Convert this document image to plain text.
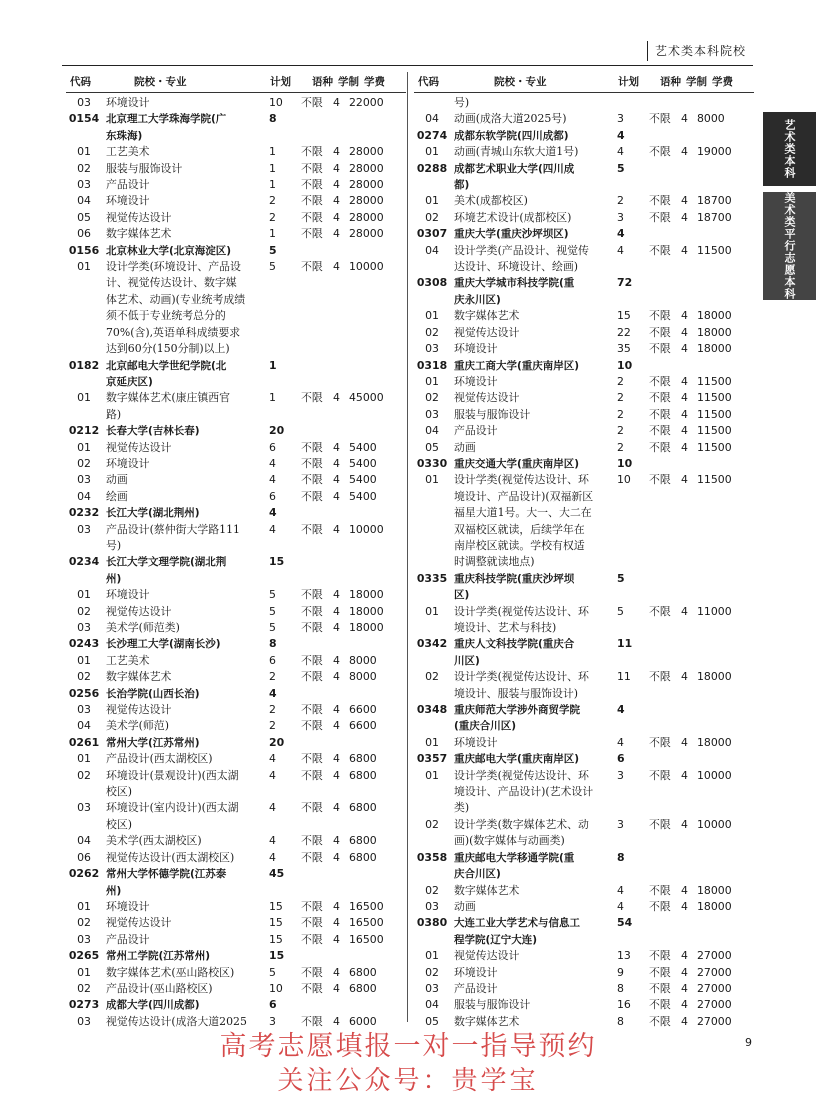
艺术类本科院校
代码	院校・专业	计划 语种 学制 学费
03	环境设计	10	不限 4 22000
0154 北京理工大学珠海学院(广	8
东珠海)
01	工艺美术	1	不限 4 28000
02	服装与服饰设计	1	不限 4 28000
03	产品设计	1	不限 4 28000
04	环境设计	2	不限 4 28000
05	视觉传达设计	2	不限 4 28000
06	数字媒体艺术	1	不限 4 28000
0156 北京林业大学(北京海淀区)	5
01	设计学类(环境设计、产品设	5	不限 4 10000
计、视觉传达设计、数字媒
体艺术、动画)(专业统考成绩
须不低于专业统考总分的
70%(含),英语单科成绩要求
达到60分(150分制)以上)
0182 北京邮电大学世纪学院(北	1
京延庆区)
01	数字媒体艺术(康庄镇西官	1	不限 4 45000
路)
0212 长春大学(吉林长春)	20
01	视觉传达设计	6	不限 4 5400
02	环境设计	4	不限 4 5400
03	动画	4	不限 4 5400
04	绘画	6	不限 4 5400
0232 长江大学(湖北荆州)	4
03	产品设计(蔡仲街大学路111	4	不限 4 10000
号)
0234 长江大学文理学院(湖北荆	15
州)
01	环境设计	5	不限 4 18000
02	视觉传达设计	5	不限 4 18000
03	美术学(师范类)	5	不限 4 18000
0243 长沙理工大学(湖南长沙)	8
01	工艺美术	6	不限 4 8000
02	数字媒体艺术	2	不限 4 8000
0256 长治学院(山西长治)	4
03	视觉传达设计	2	不限 4 6600
04	美术学(师范)	2	不限 4 6600
0261 常州大学(江苏常州)	20
01	产品设计(西太湖校区)	4	不限 4 6800
02	环境设计(景观设计)(西太湖	4	不限 4 6800
校区)
03	环境设计(室内设计)(西太湖	4	不限 4 6800
校区)
04	美术学(西太湖校区)	4	不限 4 6800
06	视觉传达设计(西太湖校区)	4	不限 4 6800
0262 常州大学怀德学院(江苏泰	45
州)
01	环境设计	15	不限 4 16500
02	视觉传达设计	15	不限 4 16500
03	产品设计	15	不限 4 16500
0265 常州工学院(江苏常州)	15
01	数字媒体艺术(巫山路校区)	5	不限 4 6800
02	产品设计(巫山路校区)	10	不限 4 6800
0273 成都大学(四川成都)	6
03	视觉传达设计(成洛大道2025	3	不限 4 6000
代码	院校・专业	计划 语种 学制 学费
号)
04	动画(成洛大道2025号)	3	不限 4 8000
0274 成都东软学院(四川成都)	4
01	动画(青城山东软大道1号)	4	不限 4 19000
0288 成都艺术职业大学(四川成	5
都)
01	美术(成都校区)	2	不限 4 18700
02	环境艺术设计(成都校区)	3	不限 4 18700
0307 重庆大学(重庆沙坪坝区)	4
04	设计学类(产品设计、视觉传	4	不限 4 11500
达设计、环境设计、绘画)
0308 重庆大学城市科技学院(重	72
庆永川区)
01	数字媒体艺术	15	不限 4 18000
02	视觉传达设计	22	不限 4 18000
03	环境设计	35	不限 4 18000
0318 重庆工商大学(重庆南岸区)	10
01	环境设计	2	不限 4 11500
02	视觉传达设计	2	不限 4 11500
03	服装与服饰设计	2	不限 4 11500
04	产品设计	2	不限 4 11500
05	动画	2	不限 4 11500
0330 重庆交通大学(重庆南岸区)	10
01	设计学类(视觉传达设计、环	10	不限 4 11500
境设计、产品设计)(双福新区
福星大道1号。大一、大二在
双福校区就读，后续学年在
南岸校区就读。学校有权适
时调整就读地点)
0335 重庆科技学院(重庆沙坪坝	5
区)
01	设计学类(视觉传达设计、环	5	不限 4 11000
境设计、艺术与科技)
0342 重庆人文科技学院(重庆合	11
川区)
02	设计学类(视觉传达设计、环	11	不限 4 18000
境设计、服装与服饰设计)
0348 重庆师范大学涉外商贸学院	4
(重庆合川区)
01	环境设计	4	不限 4 18000
0357 重庆邮电大学(重庆南岸区)	6
01	设计学类(视觉传达设计、环	3	不限 4 10000
境设计、产品设计)(艺术设计
类)
02	设计学类(数字媒体艺术、动	3	不限 4 10000
画)(数字媒体与动画类)
0358 重庆邮电大学移通学院(重	8
庆合川区)
02	数字媒体艺术	4	不限 4 18000
03	动画	4	不限 4 18000
0380 大连工业大学艺术与信息工	54
程学院(辽宁大连)
01	视觉传达设计	13	不限 4 27000
02	环境设计	9	不限 4 27000
03	产品设计	8	不限 4 27000
04	服装与服饰设计	16	不限 4 27000
05	数字媒体艺术	8	不限 4 27000
艺术类本科
美术类平行志愿本科
9
高考志愿填报一对一指导预约
关注公众号：贵学宝
